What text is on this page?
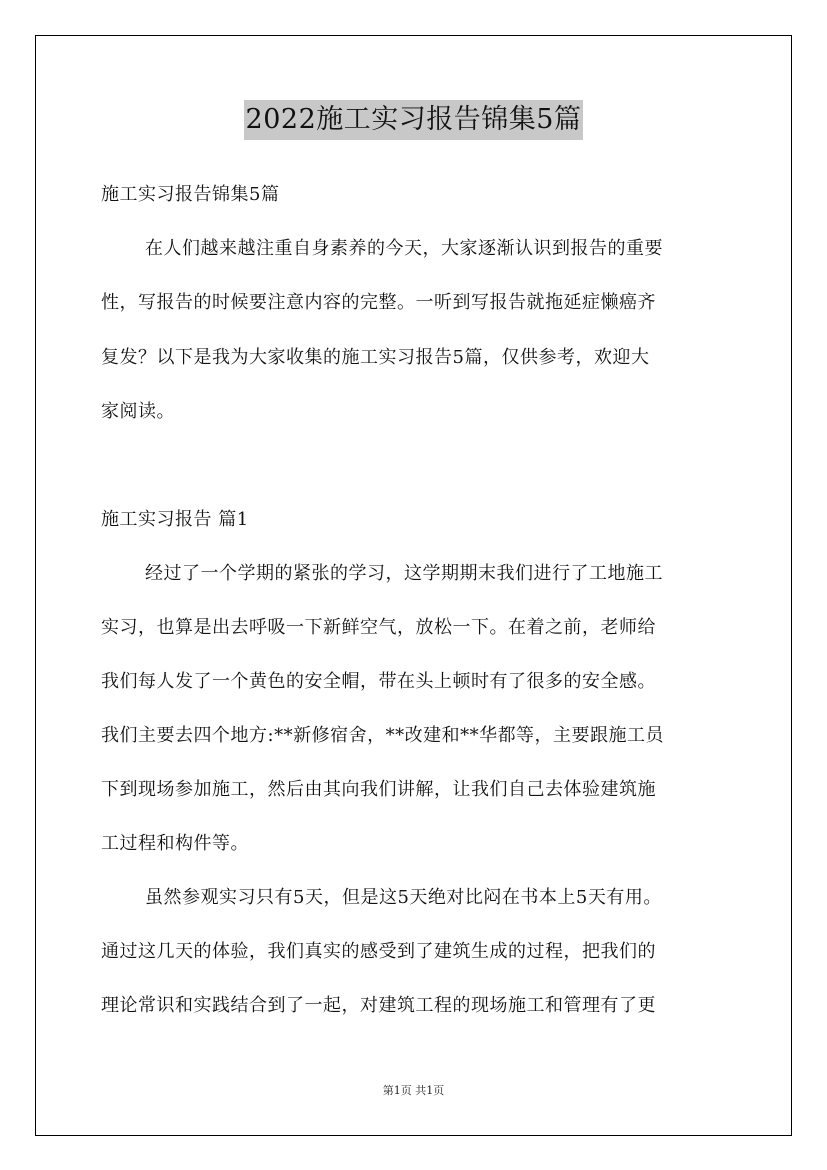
2022施工实习报告锦集5篇
施工实习报告锦集5篇
在人们越来越注重自身素养的今天，大家逐渐认识到报告的重要
性，写报告的时候要注意内容的完整。一听到写报告就拖延症懒癌齐
复发？以下是我为大家收集的施工实习报告5篇，仅供参考，欢迎大
家阅读。
施工实习报告 篇1
经过了一个学期的紧张的学习，这学期期末我们进行了工地施工
实习，也算是出去呼吸一下新鲜空气，放松一下。在着之前，老师给
我们每人发了一个黄色的安全帽，带在头上顿时有了很多的安全感。
我们主要去四个地方:**新修宿舍，**改建和**华都等，主要跟施工员
下到现场参加施工，然后由其向我们讲解，让我们自己去体验建筑施
工过程和构件等。
虽然参观实习只有5天，但是这5天绝对比闷在书本上5天有用。
通过这几天的体验，我们真实的感受到了建筑生成的过程，把我们的
理论常识和实践结合到了一起，对建筑工程的现场施工和管理有了更
第1页 共1页
